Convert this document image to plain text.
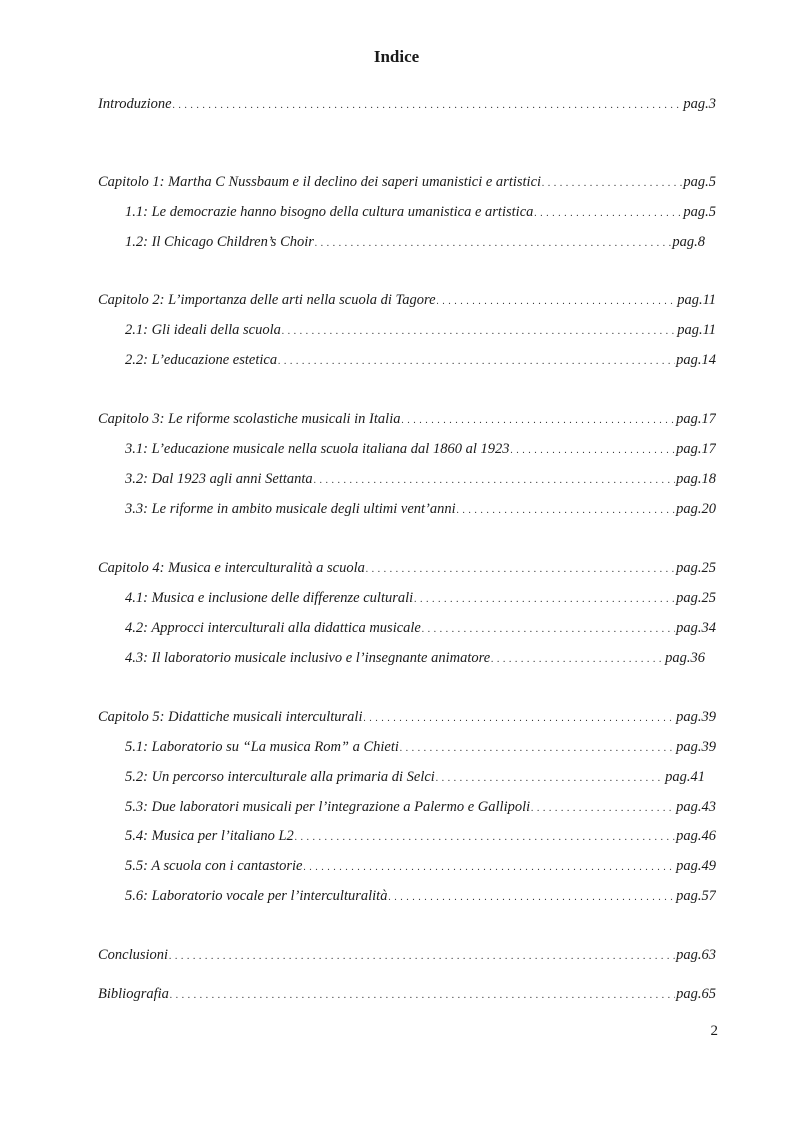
Indice
Introduzione . . .	pag.3
Capitolo 1: Martha C Nussbaum e il declino dei saperi umanistici e artistici . . .	pag.5
1.1: Le democrazie hanno bisogno della cultura umanistica e artistica . . .	pag.5
1.2: Il Chicago Children’s Choir . . .	pag.8
Capitolo 2: L’importanza delle arti nella scuola di Tagore . . .	pag.11
2.1: Gli ideali della scuola . . .	pag.11
2.2: L’educazione estetica . . .	pag.14
Capitolo 3: Le riforme scolastiche musicali in Italia . . .	pag.17
3.1: L’educazione musicale nella scuola italiana dal 1860 al 1923 . . .	pag.17
3.2: Dal 1923 agli anni Settanta . . .	pag.18
3.3: Le riforme in ambito musicale degli ultimi vent’anni . . .	pag.20
Capitolo 4: Musica e interculturalità a scuola . . .	pag.25
4.1: Musica e inclusione delle differenze culturali . . .	pag.25
4.2: Approcci interculturali alla didattica musicale . . .	pag.34
4.3: Il laboratorio musicale inclusivo e l’insegnante animatore . . .	pag.36
Capitolo 5: Didattiche musicali interculturali . . .	pag.39
5.1: Laboratorio su “La musica Rom” a Chieti . . .	pag.39
5.2: Un percorso interculturale alla primaria di Selci . . .	pag.41
5.3: Due laboratori musicali per l’integrazione a Palermo e Gallipoli . . .	pag.43
5.4: Musica per l’italiano L2 . . .	pag.46
5.5: A scuola con i cantastorie . . .	pag.49
5.6: Laboratorio vocale per l’interculturalità . . .	pag.57
Conclusioni . . .	pag.63
Bibliografia . . .	pag.65
2
